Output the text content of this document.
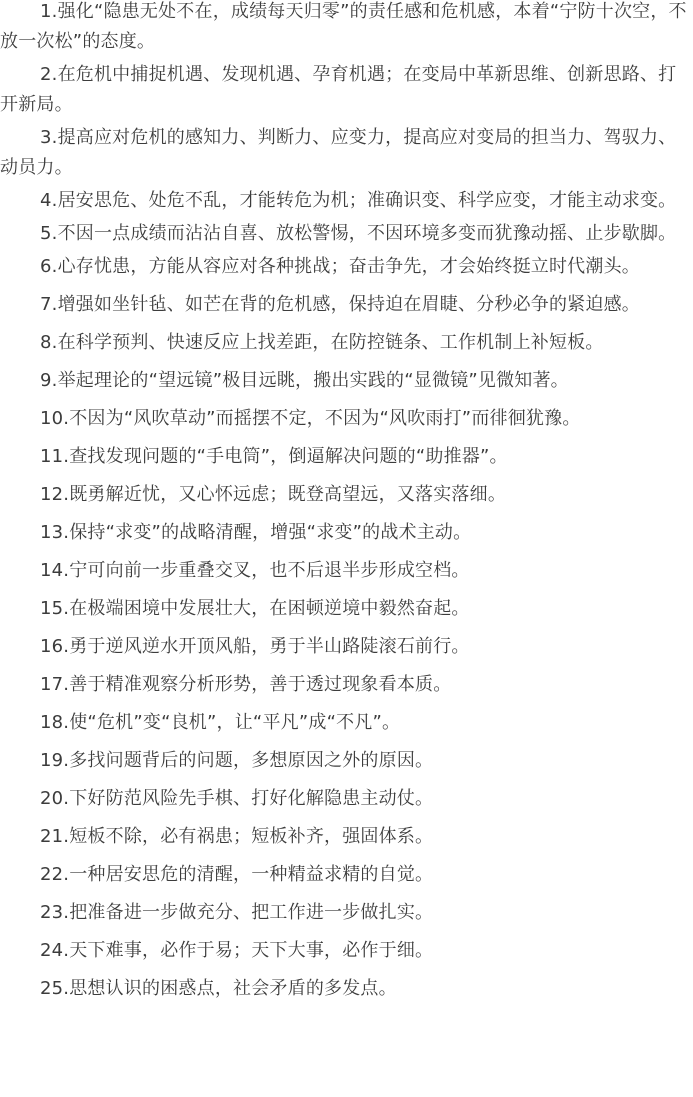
1.强化“隐患无处不在，成绩每天归零”的责任感和危机感，本着“宁防十次空，不放一次松”的态度。

2.在危机中捕捉机遇、发现机遇、孕育机遇；在变局中革新思维、创新思路、打开新局。

3.提高应对危机的感知力、判断力、应变力，提高应对变局的担当力、驾驭力、动员力。

4.居安思危、处危不乱，才能转危为机；准确识变、科学应变，才能主动求变。

5.不因一点成绩而沾沾自喜、放松警惕，不因环境多变而犹豫动摇、止步歇脚。

6.心存忧患，方能从容应对各种挑战；奋击争先，才会始终挺立时代潮头。

7.增强如坐针毡、如芒在背的危机感，保持迫在眉睫、分秒必争的紧迫感。

8.在科学预判、快速反应上找差距，在防控链条、工作机制上补短板。

9.举起理论的“望远镜”极目远眺，搬出实践的“显微镜”见微知著。

10.不因为“风吹草动”而摇摆不定，不因为“风吹雨打”而徘徊犹豫。

11.查找发现问题的“手电筒”，倒逼解决问题的“助推器”。

12.既勇解近忧，又心怀远虑；既登高望远，又落实落细。

13.保持“求变”的战略清醒，增强“求变”的战术主动。

14.宁可向前一步重叠交叉，也不后退半步形成空档。

15.在极端困境中发展壮大，在困顿逆境中毅然奋起。

16.勇于逆风逆水开顶风船，勇于半山路陡滚石前行。

17.善于精准观察分析形势，善于透过现象看本质。

18.使“危机”变“良机”，让“平凡”成“不凡”。

19.多找问题背后的问题，多想原因之外的原因。

20.下好防范风险先手棋、打好化解隐患主动仗。

21.短板不除，必有祸患；短板补齐，强固体系。

22.一种居安思危的清醒，一种精益求精的自觉。

23.把准备进一步做充分、把工作进一步做扎实。

24.天下难事，必作于易；天下大事，必作于细。

25.思想认识的困惑点，社会矛盾的多发点。
